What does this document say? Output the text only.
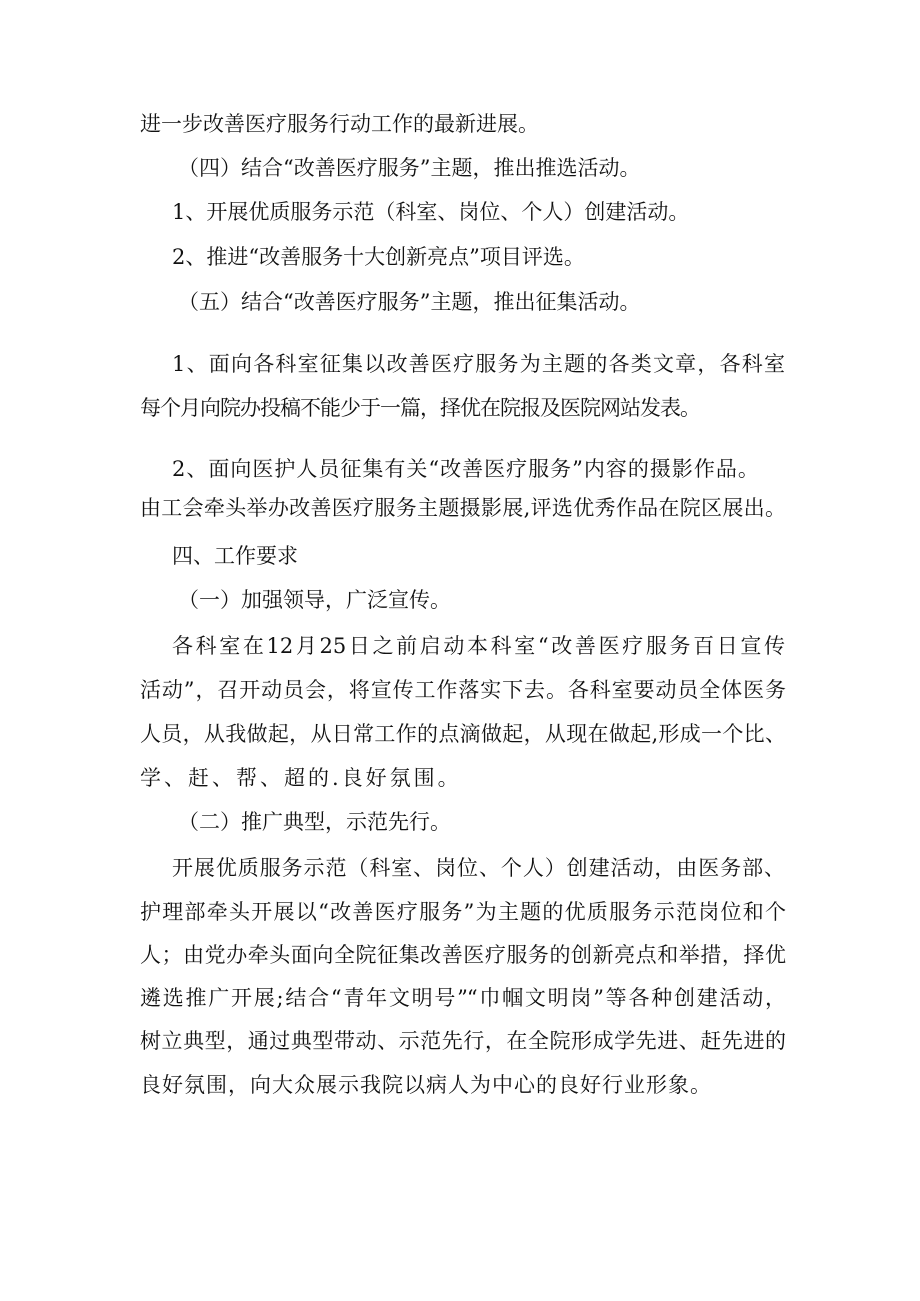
进一步改善医疗服务行动工作的最新进展。
（四）结合“改善医疗服务”主题，推出推选活动。
1、开展优质服务示范（科室、岗位、个人）创建活动。
2、推进“改善服务十大创新亮点”项目评选。
（五）结合“改善医疗服务”主题，推出征集活动。
1、面向各科室征集以改善医疗服务为主题的各类文章，各科室
每个月向院办投稿不能少于一篇，择优在院报及医院网站发表。
2、面向医护人员征集有关“改善医疗服务”内容的摄影作品。
由工会牵头举办改善医疗服务主题摄影展,评选优秀作品在院区展出。
四、工作要求
（一）加强领导，广泛宣传。
各科室在12月25日之前启动本科室“改善医疗服务百日宣传
活动”，召开动员会，将宣传工作落实下去。各科室要动员全体医务
人员，从我做起，从日常工作的点滴做起，从现在做起,形成一个比、
学、赶、帮、超的.良好氛围。
（二）推广典型，示范先行。
开展优质服务示范（科室、岗位、个人）创建活动，由医务部、
护理部牵头开展以“改善医疗服务”为主题的优质服务示范岗位和个
人；由党办牵头面向全院征集改善医疗服务的创新亮点和举措，择优
遴选推广开展;结合“青年文明号”“巾帼文明岗”等各种创建活动，
树立典型，通过典型带动、示范先行，在全院形成学先进、赶先进的
良好氛围，向大众展示我院以病人为中心的良好行业形象。
